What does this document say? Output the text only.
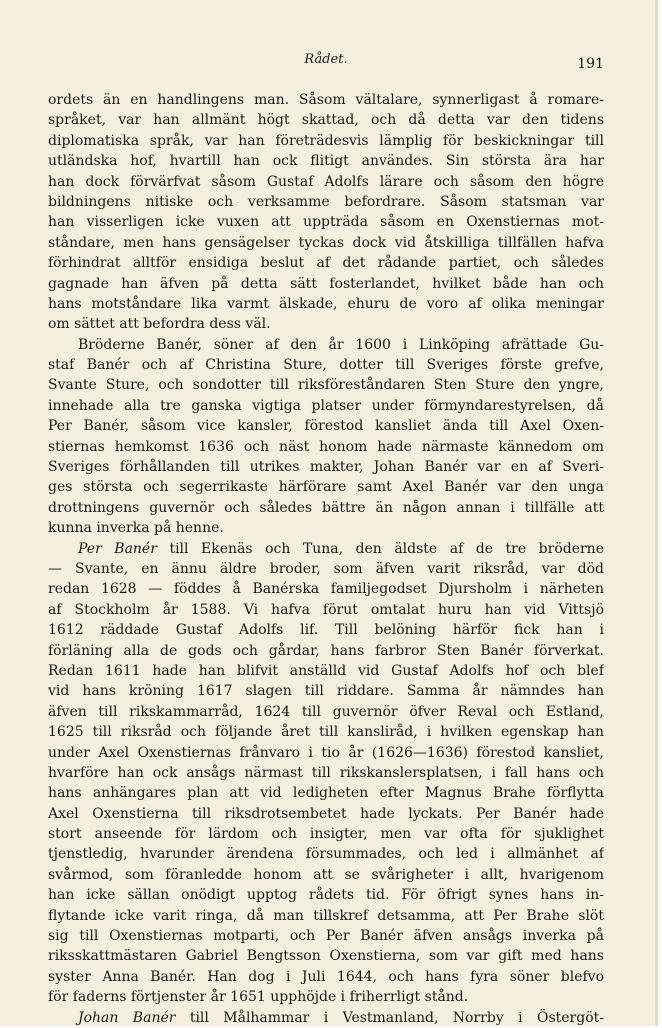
Rådet.	191
ordets än en handlingens man. Såsom vältalare, synnerligast å romare-
språket, var han allmänt högt skattad, och då detta var den tidens
diplomatiska språk, var han företrädesvis lämplig för beskickningar till
utländska hof, hvartill han ock flitigt användes. Sin största ära har
han dock förvärfvat såsom Gustaf Adolfs lärare och såsom den högre
bildningens nitiske och verksamme befordrare. Såsom statsman var
han visserligen icke vuxen att uppträda såsom en Oxenstiernas mot-
ståndare, men hans gensägelser tyckas dock vid åtskilliga tillfällen hafva
förhindrat alltför ensidiga beslut af det rådande partiet, och således
gagnade han äfven på detta sätt fosterlandet, hvilket både han och
hans motståndare lika varmt älskade, ehuru de voro af olika meningar
om sättet att befordra dess väl.
Bröderne Banér, söner af den år 1600 i Linköping afrättade Gu-
staf Banér och af Christina Sture, dotter till Sveriges förste grefve,
Svante Sture, och sondotter till riksföreståndaren Sten Sture den yngre,
innehade alla tre ganska vigtiga platser under förmyndarestyrelsen, då
Per Banér, såsom vice kansler, förestod kansliet ända till Axel Oxen-
stiernas hemkomst 1636 och näst honom hade närmaste kännedom om
Sveriges förhållanden till utrikes makter, Johan Banér var en af Sveri-
ges största och segerrikaste härförare samt Axel Banér var den unga
drottningens guvernör och således bättre än någon annan i tillfälle att
kunna inverka på henne.
Per Banér till Ekenäs och Tuna, den äldste af de tre bröderne
— Svante, en ännu äldre broder, som äfven varit riksråd, var död
redan 1628 — föddes å Banérska familjegodset Djursholm i närheten
af Stockholm år 1588. Vi hafva förut omtalat huru han vid Vittsjö
1612 räddade Gustaf Adolfs lif. Till belöning härför fick han i
förläning alla de gods och gårdar, hans farbror Sten Banér förverkat.
Redan 1611 hade han blifvit anställd vid Gustaf Adolfs hof och blef
vid hans kröning 1617 slagen till riddare. Samma år nämndes han
äfven till rikskammarråd, 1624 till guvernör öfver Reval och Estland,
1625 till riksråd och följande året till kansliråd, i hvilken egenskap han
under Axel Oxenstiernas frånvaro i tio år (1626—1636) förestod kansliet,
hvarföre han ock ansågs närmast till rikskanslersplatsen, i fall hans och
hans anhängares plan att vid ledigheten efter Magnus Brahe förflytta
Axel Oxenstierna till riksdrotsembetet hade lyckats. Per Banér hade
stort anseende för lärdom och insigter, men var ofta för sjuklighet
tjenstledig, hvarunder ärendena försummades, och led i allmänhet af
svårmod, som föranledde honom att se svårigheter i allt, hvarigenom
han icke sällan onödigt upptog rådets tid. För öfrigt synes hans in-
flytande icke varit ringa, då man tillskref detsamma, att Per Brahe slöt
sig till Oxenstiernas motparti, och Per Banér äfven ansågs inverka på
riksskattmästaren Gabriel Bengtsson Oxenstierna, som var gift med hans
syster Anna Banér. Han dog i Juli 1644, och hans fyra söner blefvo
för faderns förtjenster år 1651 upphöjde i friherrligt stånd.
Johan Banér till Målhammar i Vestmanland, Norrby i Östergöt-
